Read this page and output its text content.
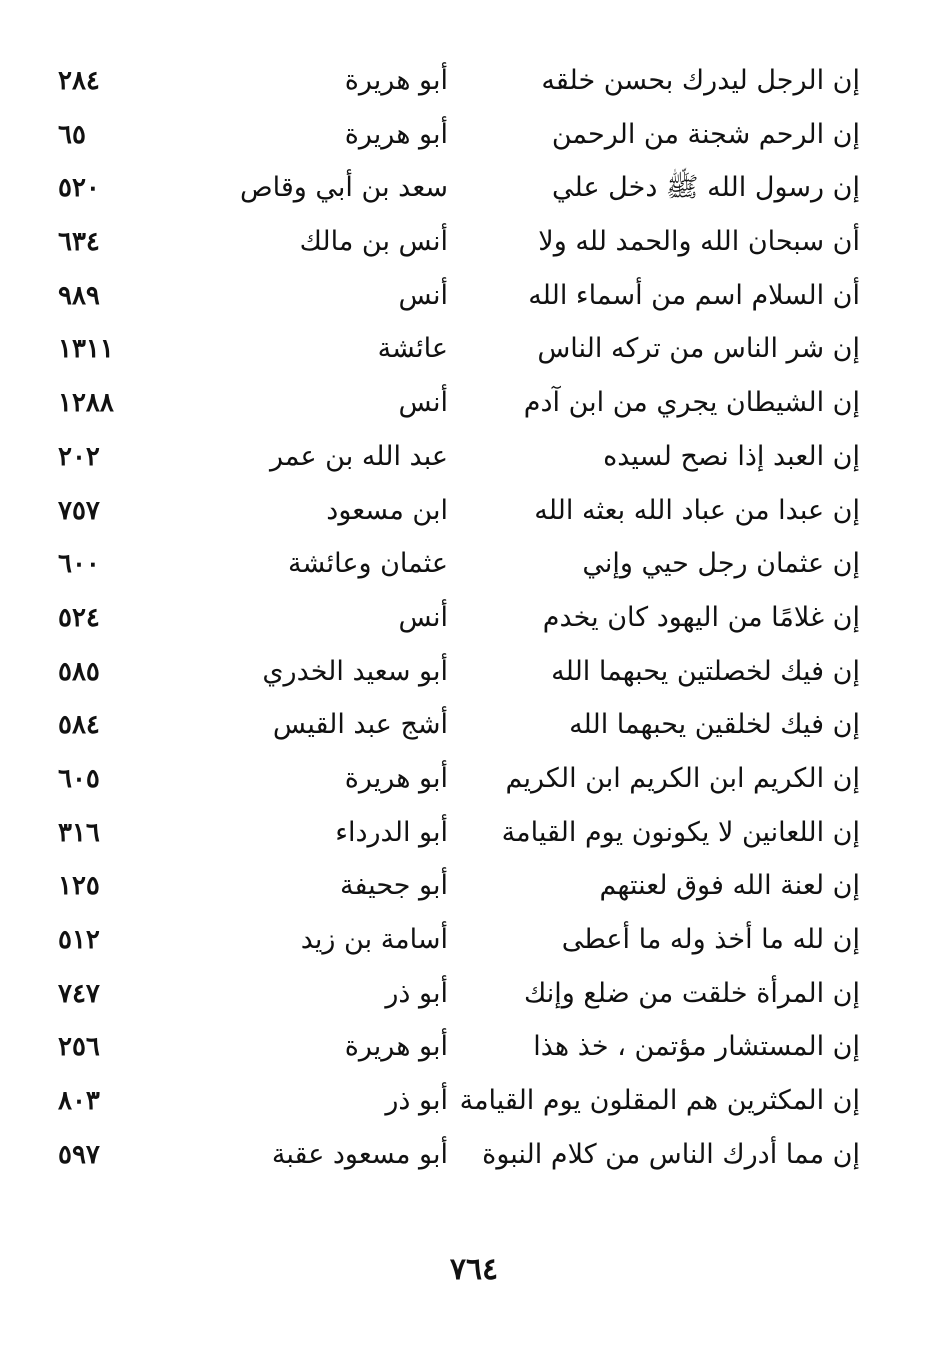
إن الرجل ليدرك بحسن خلقه
أبو هريرة
٢٨٤
إن الرحم شجنة من الرحمن
أبو هريرة
٦٥
إن رسول الله ﷺ دخل علي
سعد بن أبي وقاص
٥٢٠
أن سبحان الله والحمد لله ولا
أنس بن مالك
٦٣٤
أن السلام اسم من أسماء الله
أنس
٩٨٩
إن شر الناس من تركه الناس
عائشة
١٣١١
إن الشيطان يجري من ابن آدم
أنس
١٢٨٨
إن العبد إذا نصح لسيده
عبد الله بن عمر
٢٠٢
إن عبدا من عباد الله بعثه الله
ابن مسعود
٧٥٧
إن عثمان رجل حيي وإني
عثمان وعائشة
٦٠٠
إن غلامًا من اليهود كان يخدم
أنس
٥٢٤
إن فيك لخصلتين يحبهما الله
أبو سعيد الخدري
٥٨٥
إن فيك لخلقين يحبهما الله
أشج عبد القيس
٥٨٤
إن الكريم ابن الكريم ابن الكريم
أبو هريرة
٦٠٥
إن اللعانين لا يكونون يوم القيامة
أبو الدرداء
٣١٦
إن لعنة الله فوق لعنتهم
أبو جحيفة
١٢٥
إن لله ما أخذ وله ما أعطى
أسامة بن زيد
٥١٢
إن المرأة خلقت من ضلع وإنك
أبو ذر
٧٤٧
إن المستشار مؤتمن ، خذ هذا
أبو هريرة
٢٥٦
إن المكثرين هم المقلون يوم القيامة
أبو ذر
٨٠٣
إن مما أدرك الناس من كلام النبوة
أبو مسعود عقبة
٥٩٧
٧٦٤
